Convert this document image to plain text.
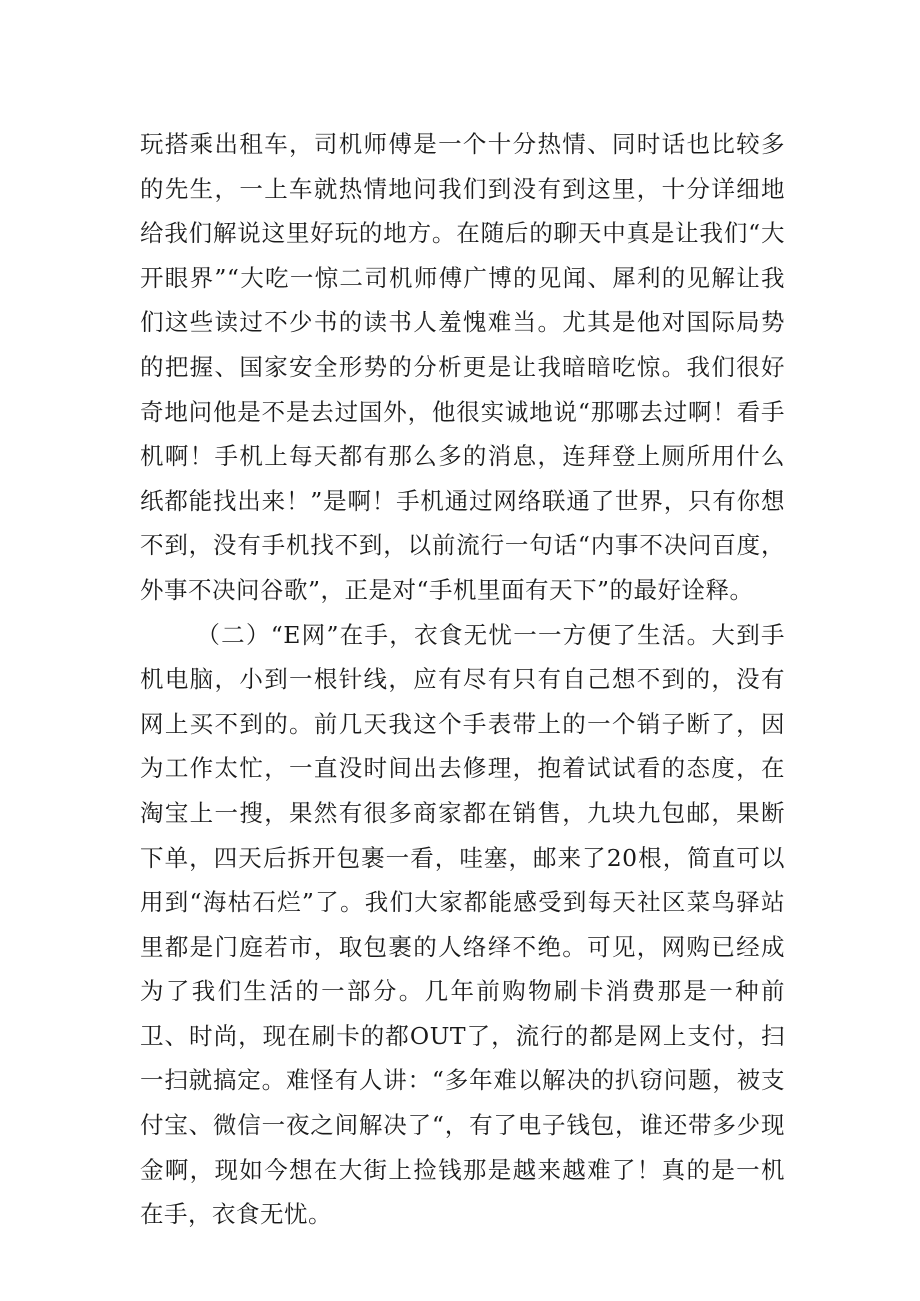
玩搭乘出租车，司机师傅是一个十分热情、同时话也比较多的先生，一上车就热情地问我们到没有到这里，十分详细地给我们解说这里好玩的地方。在随后的聊天中真是让我们“大开眼界”“大吃一惊二司机师傅广博的见闻、犀利的见解让我们这些读过不少书的读书人羞愧难当。尤其是他对国际局势的把握、国家安全形势的分析更是让我暗暗吃惊。我们很好奇地问他是不是去过国外，他很实诚地说“那哪去过啊！看手机啊！手机上每天都有那么多的消息，连拜登上厕所用什么纸都能找出来！”是啊！手机通过网络联通了世界，只有你想不到，没有手机找不到，以前流行一句话“内事不决问百度，外事不决问谷歌”，正是对“手机里面有天下”的最好诠释。

（二）“E网”在手，衣食无忧一一方便了生活。大到手机电脑，小到一根针线，应有尽有只有自己想不到的，没有网上买不到的。前几天我这个手表带上的一个销子断了，因为工作太忙，一直没时间出去修理，抱着试试看的态度，在淘宝上一搜，果然有很多商家都在销售，九块九包邮，果断下单，四天后拆开包裹一看，哇塞，邮来了20根，简直可以用到“海枯石烂”了。我们大家都能感受到每天社区菜鸟驿站里都是门庭若市，取包裹的人络绎不绝。可见，网购已经成为了我们生活的一部分。几年前购物刷卡消费那是一种前卫、时尚，现在刷卡的都OUT了，流行的都是网上支付，扫一扫就搞定。难怪有人讲：“多年难以解决的扒窃问题，被支付宝、微信一夜之间解决了“，有了电子钱包，谁还带多少现金啊，现如今想在大街上捡钱那是越来越难了！真的是一机在手，衣食无忧。
